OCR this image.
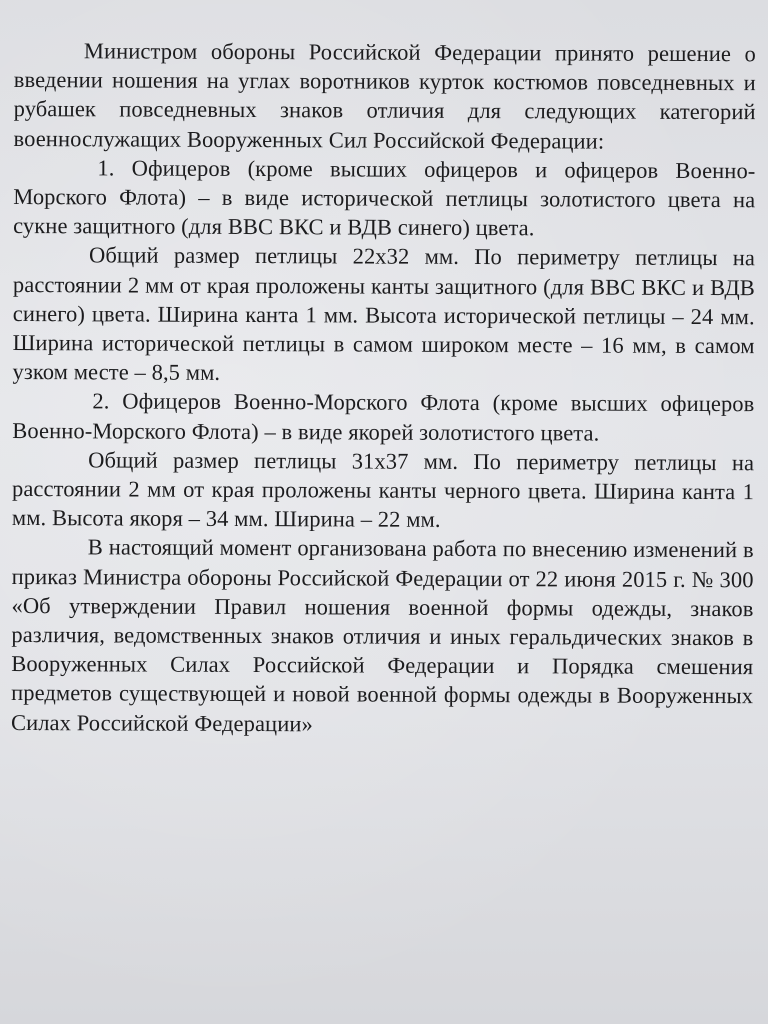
Министром обороны Российской Федерации принято решение о введении ношения на углах воротников курток костюмов повседневных и рубашек повседневных знаков отличия для следующих категорий военнослужащих Вооруженных Сил Российской Федерации:

1. Офицеров (кроме высших офицеров и офицеров Военно-Морского Флота) – в виде исторической петлицы золотистого цвета на сукне защитного (для ВВС ВКС и ВДВ синего) цвета.

Общий размер петлицы 22х32 мм. По периметру петлицы на расстоянии 2 мм от края проложены канты защитного (для ВВС ВКС и ВДВ синего) цвета. Ширина канта 1 мм. Высота исторической петлицы – 24 мм. Ширина исторической петлицы в самом широком месте – 16 мм, в самом узком месте – 8,5 мм.

2. Офицеров Военно-Морского Флота (кроме высших офицеров Военно-Морского Флота) – в виде якорей золотистого цвета.

Общий размер петлицы 31х37 мм. По периметру петлицы на расстоянии 2 мм от края проложены канты черного цвета. Ширина канта 1 мм. Высота якоря – 34 мм. Ширина – 22 мм.

В настоящий момент организована работа по внесению изменений в приказ Министра обороны Российской Федерации от 22 июня 2015 г. № 300 «Об утверждении Правил ношения военной формы одежды, знаков различия, ведомственных знаков отличия и иных геральдических знаков в Вооруженных Силах Российской Федерации и Порядка смешения предметов существующей и новой военной формы одежды в Вооруженных Силах Российской Федерации»
